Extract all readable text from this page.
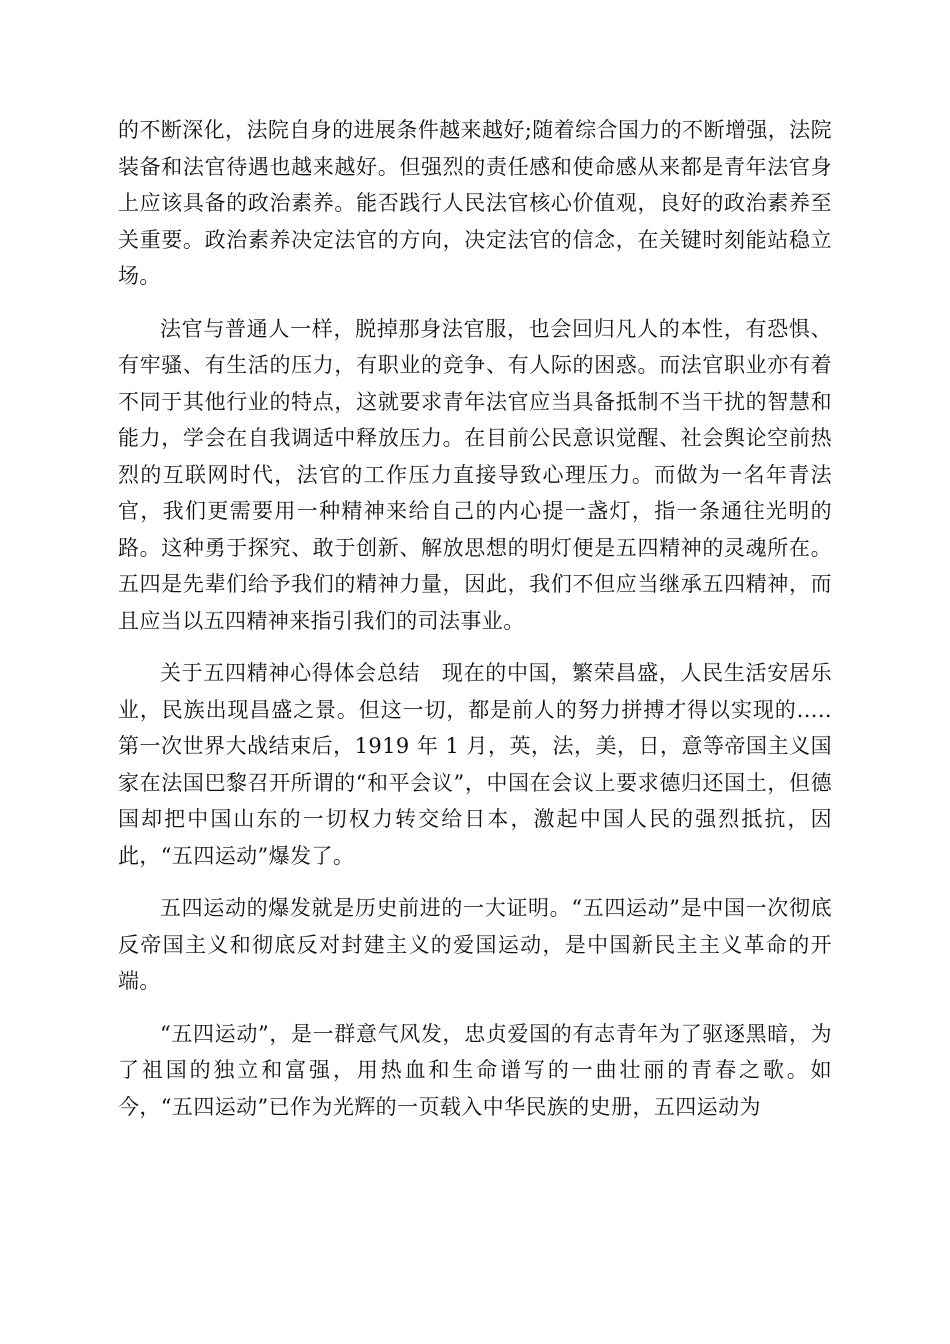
的不断深化，法院自身的进展条件越来越好;随着综合国力的不断增强，法院装备和法官待遇也越来越好。但强烈的责任感和使命感从来都是青年法官身上应该具备的政治素养。能否践行人民法官核心价值观，良好的政治素养至关重要。政治素养决定法官的方向，决定法官的信念，在关键时刻能站稳立场。

法官与普通人一样，脱掉那身法官服，也会回归凡人的本性，有恐惧、有牢骚、有生活的压力，有职业的竞争、有人际的困惑。而法官职业亦有着不同于其他行业的特点，这就要求青年法官应当具备抵制不当干扰的智慧和能力，学会在自我调适中释放压力。在目前公民意识觉醒、社会舆论空前热烈的互联网时代，法官的工作压力直接导致心理压力。而做为一名年青法官，我们更需要用一种精神来给自己的内心提一盏灯，指一条通往光明的路。这种勇于探究、敢于创新、解放思想的明灯便是五四精神的灵魂所在。五四是先辈们给予我们的精神力量，因此，我们不但应当继承五四精神，而且应当以五四精神来指引我们的司法事业。

关于五四精神心得体会总结　现在的中国，繁荣昌盛，人民生活安居乐业，民族出现昌盛之景。但这一切，都是前人的努力拼搏才得以实现的.....　第一次世界大战结束后，1919 年 1 月，英，法，美，日，意等帝国主义国家在法国巴黎召开所谓的“和平会议”，中国在会议上要求德归还国土，但德国却把中国山东的一切权力转交给日本，激起中国人民的强烈抵抗，因此，“五四运动”爆发了。

五四运动的爆发就是历史前进的一大证明。“五四运动”是中国一次彻底反帝国主义和彻底反对封建主义的爱国运动，是中国新民主主义革命的开端。

“五四运动”，是一群意气风发，忠贞爱国的有志青年为了驱逐黑暗，为了祖国的独立和富强，用热血和生命谱写的一曲壮丽的青春之歌。如今，“五四运动”已作为光辉的一页载入中华民族的史册，五四运动为
